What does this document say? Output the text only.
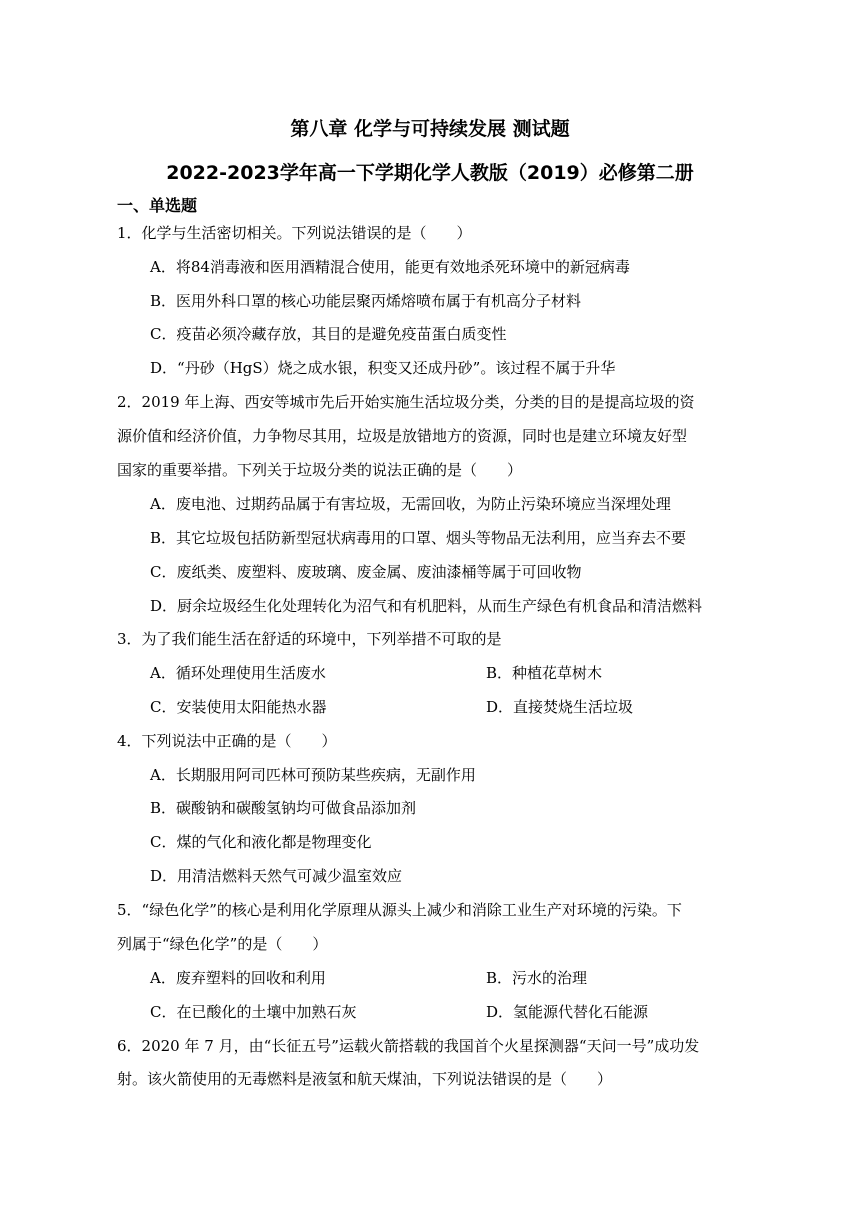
第八章 化学与可持续发展 测试题
2022-2023学年高一下学期化学人教版（2019）必修第二册
一、单选题
1．化学与生活密切相关。下列说法错误的是（　　）
A．将84消毒液和医用酒精混合使用，能更有效地杀死环境中的新冠病毒
B．医用外科口罩的核心功能层聚丙烯熔喷布属于有机高分子材料
C．疫苗必须冷藏存放，其目的是避免疫苗蛋白质变性
D．“丹砂（HgS）烧之成水银，积变又还成丹砂”。该过程不属于升华
2．2019 年上海、西安等城市先后开始实施生活垃圾分类，分类的目的是提高垃圾的资
源价值和经济价值，力争物尽其用，垃圾是放错地方的资源，同时也是建立环境友好型
国家的重要举措。下列关于垃圾分类的说法正确的是（　　）
A．废电池、过期药品属于有害垃圾，无需回收，为防止污染环境应当深埋处理
B．其它垃圾包括防新型冠状病毒用的口罩、烟头等物品无法利用，应当弃去不要
C．废纸类、废塑料、废玻璃、废金属、废油漆桶等属于可回收物
D．厨余垃圾经生化处理转化为沼气和有机肥料，从而生产绿色有机食品和清洁燃料
3．为了我们能生活在舒适的环境中，下列举措不可取的是
A．循环处理使用生活废水	B．种植花草树木
C．安装使用太阳能热水器	D．直接焚烧生活垃圾
4．下列说法中正确的是（　　）
A．长期服用阿司匹林可预防某些疾病，无副作用
B．碳酸钠和碳酸氢钠均可做食品添加剂
C．煤的气化和液化都是物理变化
D．用清洁燃料天然气可减少温室效应
5．“绿色化学”的核心是利用化学原理从源头上减少和消除工业生产对环境的污染。下
列属于“绿色化学”的是（　　）
A．废弃塑料的回收和利用	B．污水的治理
C．在已酸化的土壤中加熟石灰	D．氢能源代替化石能源
6．2020 年 7 月，由“长征五号”运载火箭搭载的我国首个火星探测器“天问一号”成功发
射。该火箭使用的无毒燃料是液氢和航天煤油，下列说法错误的是（　　）
